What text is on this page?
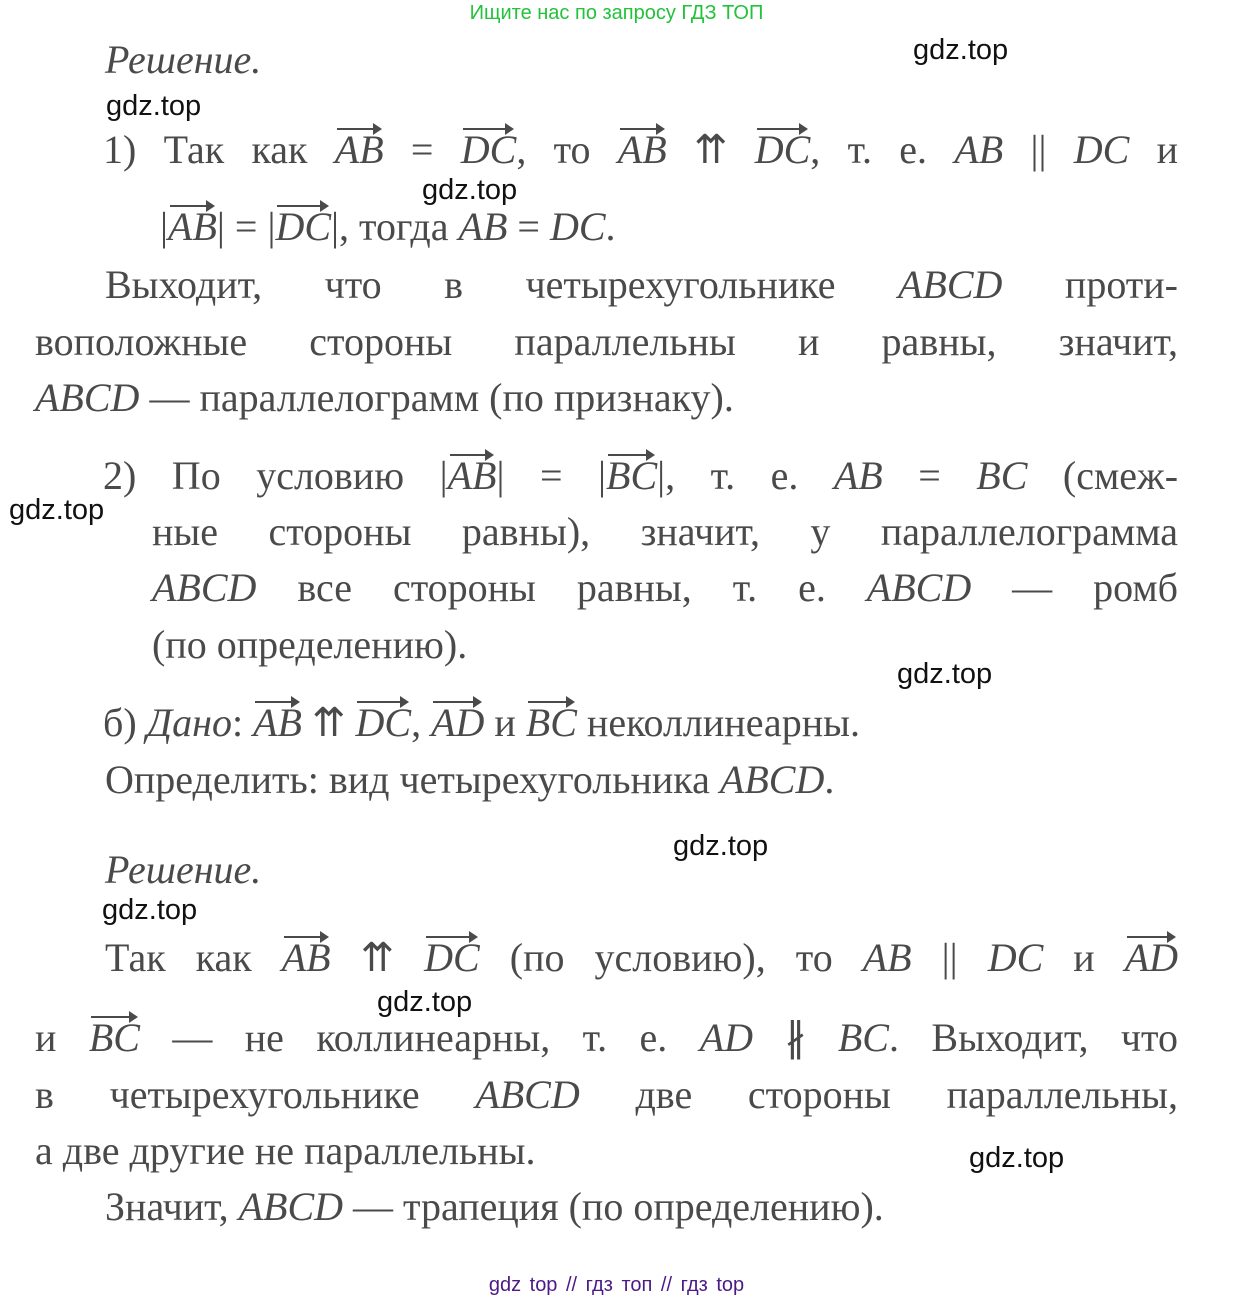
Ищите нас по запросу ГДЗ ТОП
Решение.
1) Так как AB = DC, то AB ⇈ DC, т. е. AB || DC и
|AB| = |DC|, тогда AB = DC.
Выходит, что в четырехугольнике ABCD проти-
воположные стороны параллельны и равны, значит,
ABCD — параллелограмм (по признаку).
2) По условию |AB| = |BC|, т. е. AB = BC (смеж-
ные стороны равны), значит, у параллелограмма
ABCD все стороны равны, т. е. ABCD — ромб
(по определению).
б) Дано: AB ⇈ DC, AD и BC неколлинеарны.
Определить: вид четырехугольника ABCD.
Решение.
Так как AB ⇈ DC (по условию), то AB || DC и AD
и BC — не коллинеарны, т. е. AD ∦ BC. Выходит, что
в четырехугольнике ABCD две стороны параллельны,
а две другие не параллельны.
Значит, ABCD — трапеция (по определению).
gdz.top
gdz.top
gdz.top
gdz.top
gdz.top
gdz.top
gdz.top
gdz.top
gdz.top
gdz top // гдз топ // гдз top
